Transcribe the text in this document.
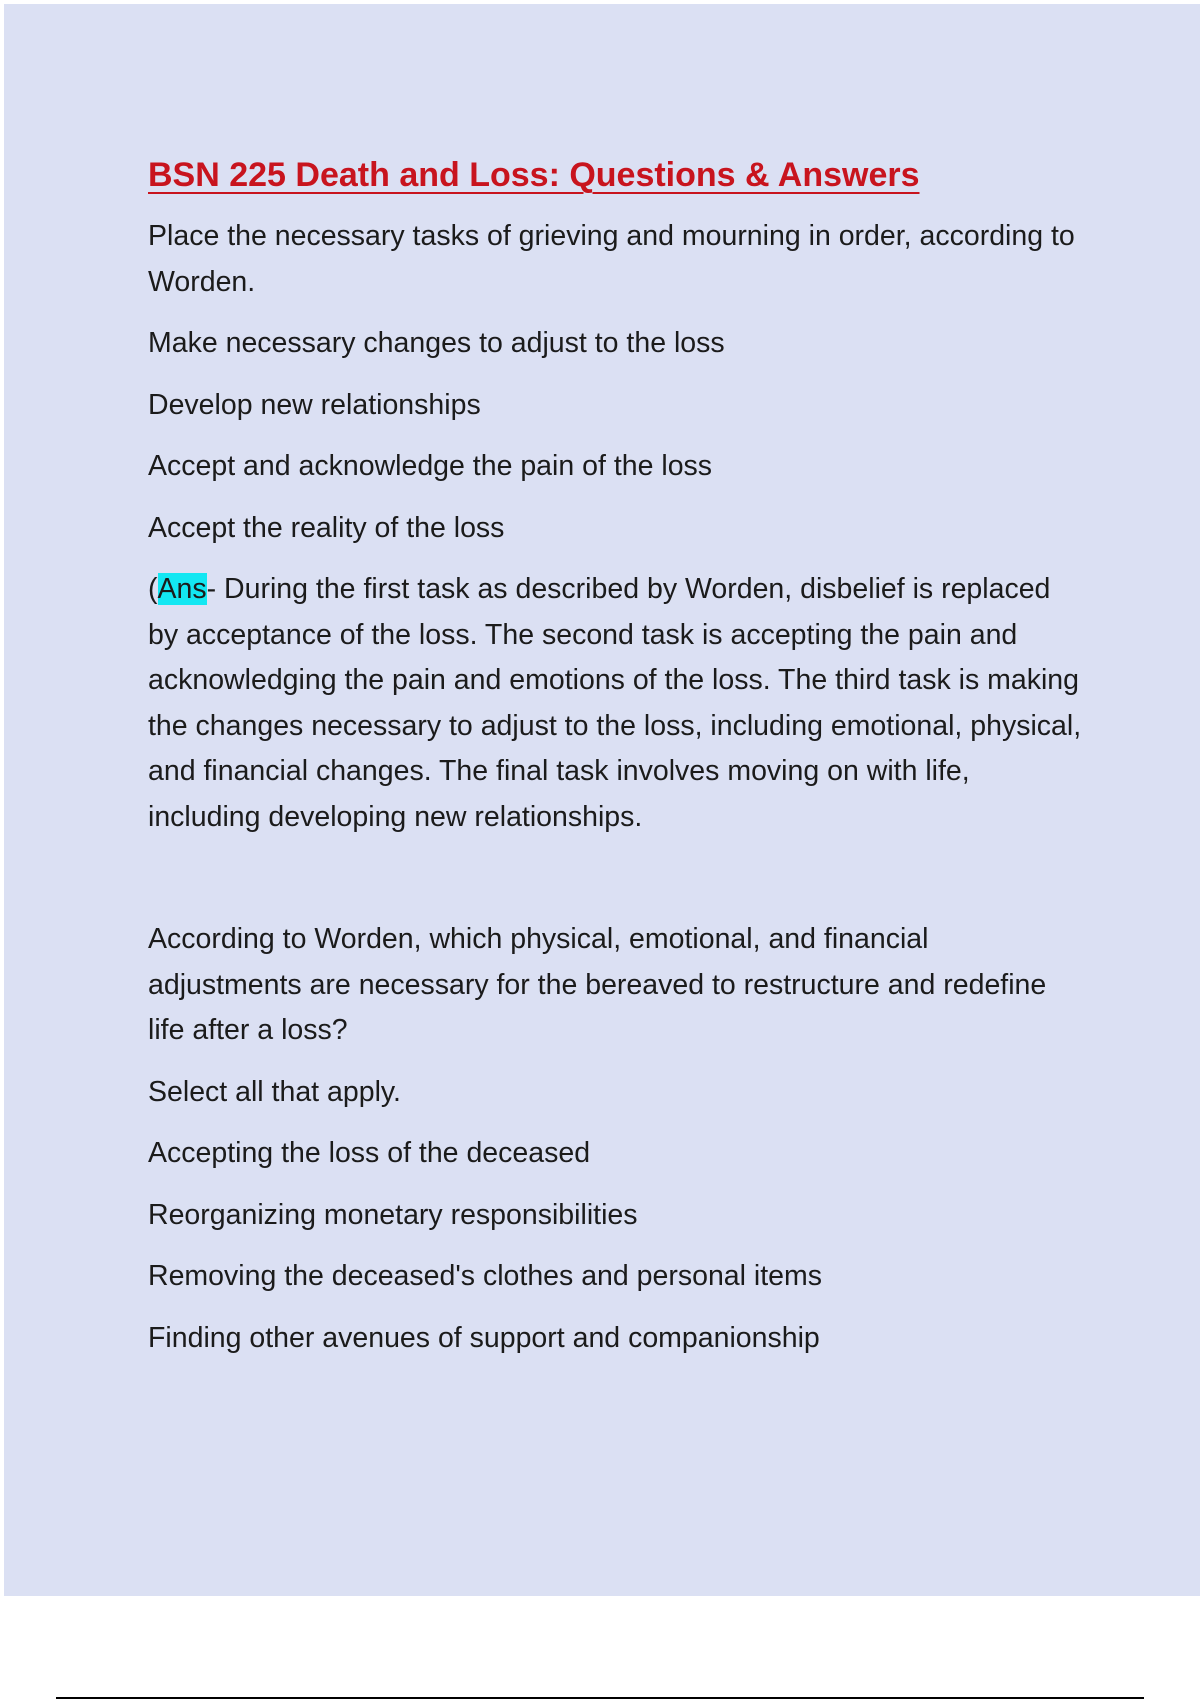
BSN 225 Death and Loss: Questions & Answers

Place the necessary tasks of grieving and mourning in order, according to Worden.

Make necessary changes to adjust to the loss

Develop new relationships

Accept and acknowledge the pain of the loss

Accept the reality of the loss

(Ans- During the first task as described by Worden, disbelief is replaced by acceptance of the loss. The second task is accepting the pain and acknowledging the pain and emotions of the loss. The third task is making the changes necessary to adjust to the loss, including emotional, physical, and financial changes. The final task involves moving on with life, including developing new relationships.

According to Worden, which physical, emotional, and financial adjustments are necessary for the bereaved to restructure and redefine life after a loss?

Select all that apply.

Accepting the loss of the deceased

Reorganizing monetary responsibilities

Removing the deceased's clothes and personal items

Finding other avenues of support and companionship
